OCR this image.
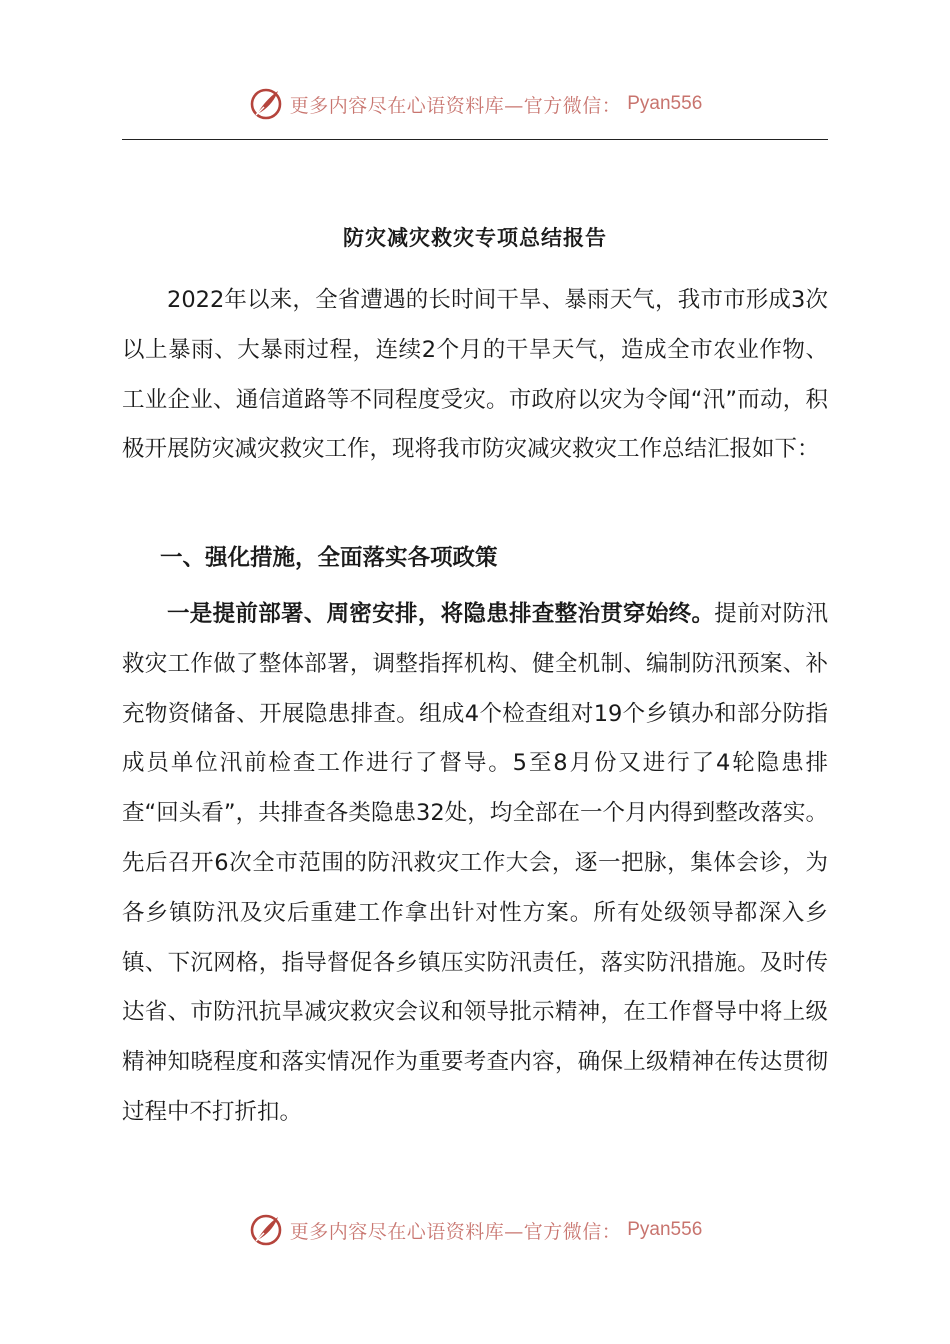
更多内容尽在心语资料库—官方微信： Pyan556
防灾减灾救灾专项总结报告

2022年以来，全省遭遇的长时间干旱、暴雨天气，我市市形成3次以上暴雨、大暴雨过程，连续2个月的干旱天气，造成全市农业作物、工业企业、通信道路等不同程度受灾。市政府以灾为令闻“汛”而动，积极开展防灾减灾救灾工作，现将我市防灾减灾救灾工作总结汇报如下：

一、强化措施，全面落实各项政策

一是提前部署、周密安排，将隐患排查整治贯穿始终。提前对防汛救灾工作做了整体部署，调整指挥机构、健全机制、编制防汛预案、补充物资储备、开展隐患排查。组成4个检查组对19个乡镇办和部分防指成员单位汛前检查工作进行了督导。5至8月份又进行了4轮隐患排查“回头看”，共排查各类隐患32处，均全部在一个月内得到整改落实。先后召开6次全市范围的防汛救灾工作大会，逐一把脉，集体会诊，为各乡镇防汛及灾后重建工作拿出针对性方案。所有处级领导都深入乡镇、下沉网格，指导督促各乡镇压实防汛责任，落实防汛措施。及时传达省、市防汛抗旱减灾救灾会议和领导批示精神，在工作督导中将上级精神知晓程度和落实情况作为重要考查内容，确保上级精神在传达贯彻过程中不打折扣。

更多内容尽在心语资料库—官方微信： Pyan556
